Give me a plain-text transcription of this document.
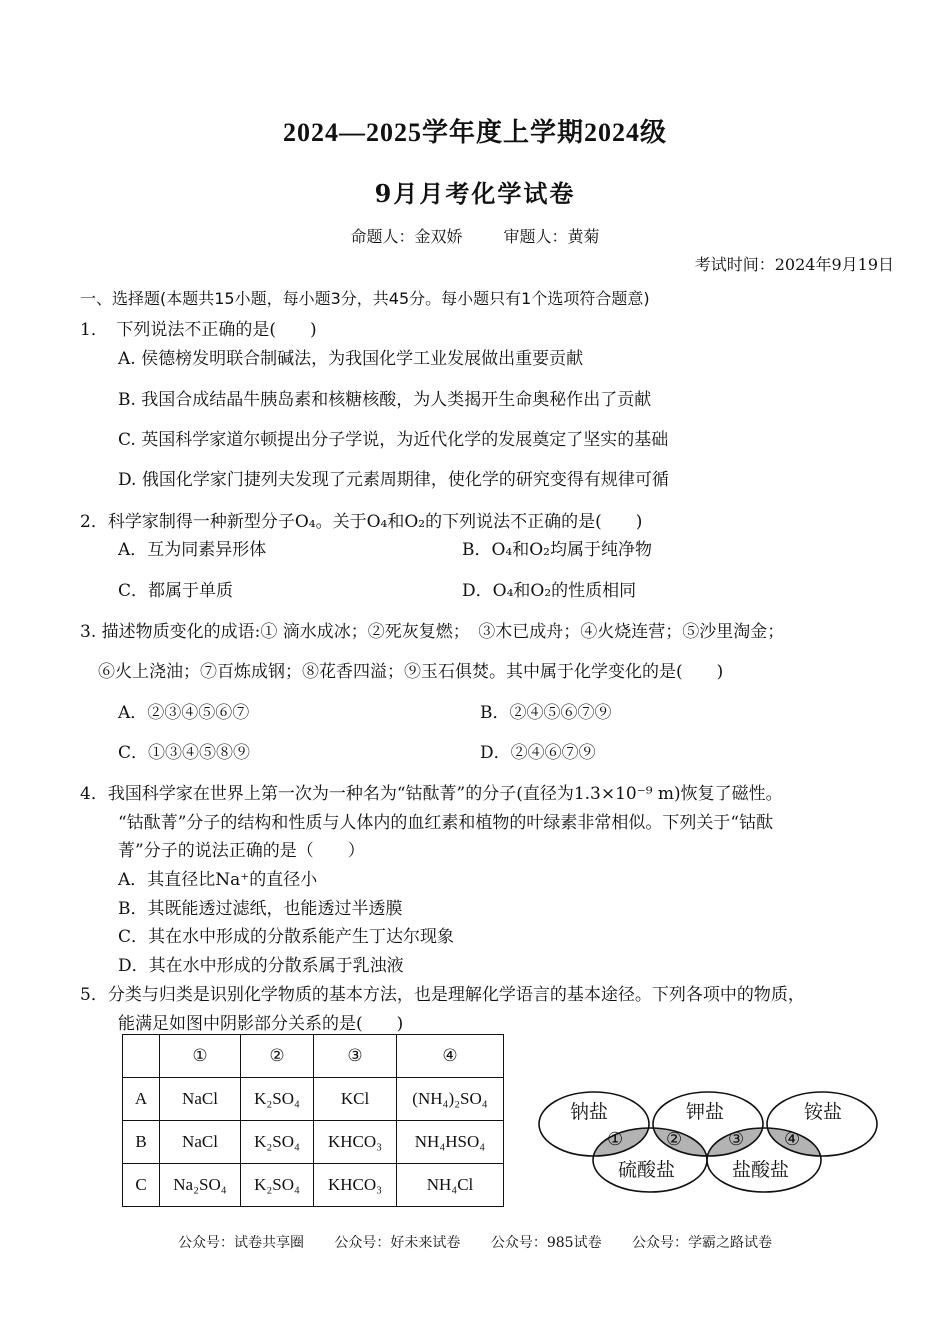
2024—2025学年度上学期2024级
9月月考化学试卷
命题人：金双娇	审题人：黄菊
考试时间：2024年9月19日
一、选择题(本题共15小题，每小题3分，共45分。每小题只有1个选项符合题意)
1．　下列说法不正确的是(　　)
A. 侯德榜发明联合制碱法，为我国化学工业发展做出重要贡献
B. 我国合成结晶牛胰岛素和核糖核酸，为人类揭开生命奥秘作出了贡献
C. 英国科学家道尔顿提出分子学说，为近代化学的发展奠定了坚实的基础
D. 俄国化学家门捷列夫发现了元素周期律，使化学的研究变得有规律可循
2．科学家制得一种新型分子O₄。关于O₄和O₂的下列说法不正确的是(　　)
A．互为同素异形体	B．O₄和O₂均属于纯净物
C．都属于单质	D．O₄和O₂的性质相同
3. 描述物质变化的成语:① 滴水成冰；②死灰复燃；　③木已成舟；④火烧连营；⑤沙里淘金；
⑥火上浇油；⑦百炼成钢；⑧花香四溢；⑨玉石俱焚。其中属于化学变化的是(　　)
A．②③④⑤⑥⑦	B．②④⑤⑥⑦⑨
C．①③④⑤⑧⑨	D．②④⑥⑦⑨
4．我国科学家在世界上第一次为一种名为“钴酞菁”的分子(直径为1.3×10⁻⁹ m)恢复了磁性。
“钴酞菁”分子的结构和性质与人体内的血红素和植物的叶绿素非常相似。下列关于“钴酞
菁”分子的说法正确的是（　　）
A．其直径比Na⁺的直径小
B．其既能透过滤纸，也能透过半透膜
C．其在水中形成的分散系能产生丁达尔现象
D．其在水中形成的分散系属于乳浊液
5．分类与归类是识别化学物质的基本方法，也是理解化学语言的基本途径。下列各项中的物质，
能满足如图中阴影部分关系的是(　　)
	①	②	③	④
A	NaCl	K₂SO₄	KCl	(NH₄)₂SO₄
B	NaCl	K₂SO₄	KHCO₃	NH₄HSO₄
C	Na₂SO₄	K₂SO₄	KHCO₃	NH₄Cl
钠盐	钾盐	铵盐
硫酸盐	盐酸盐
① ②	③ ④
公众号：试卷共享圈 公众号：好未来试卷 公众号：985试卷 公众号：学霸之路试卷
